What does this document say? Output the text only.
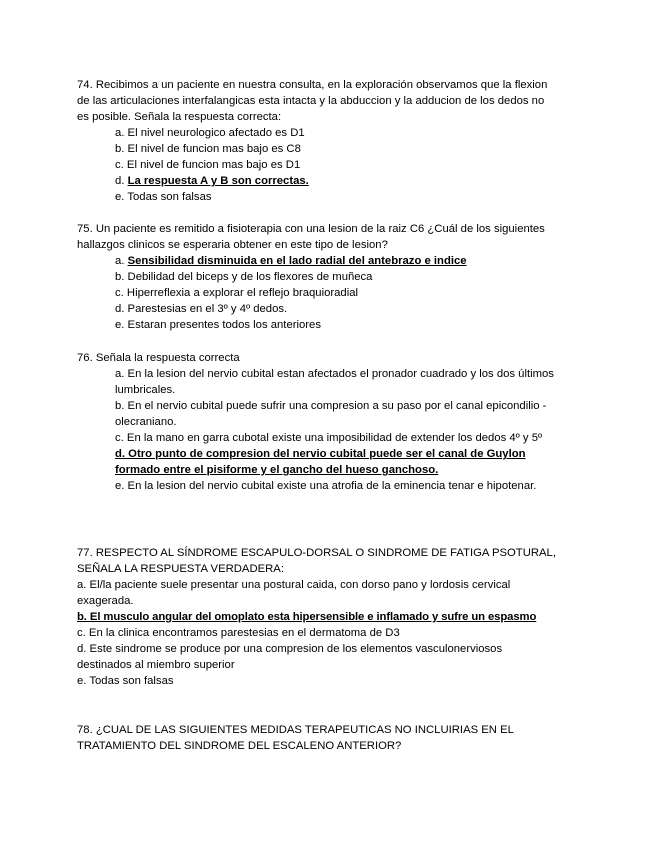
74. Recibimos a un paciente en nuestra consulta, en la exploración observamos que la flexion
de las articulaciones interfalangicas esta intacta y la abduccion y la adducion de los dedos no
es posible. Señala la respuesta correcta:
a. El nivel neurologico afectado es D1
b. El nivel de funcion mas bajo es C8
c. El nivel de funcion mas bajo es D1
d. La respuesta A y B son correctas.
e. Todas son falsas
75. Un paciente es remitido a fisioterapia con una lesion de la raiz C6 ¿Cuál de los siguientes
hallazgos clinicos se esperaria obtener en este tipo de lesion?
a. Sensibilidad disminuida en el lado radial del antebrazo e indice
b. Debilidad del biceps y de los flexores de muñeca
c. Hiperreflexia a explorar el reflejo braquioradial
d. Parestesias en el 3º y 4º dedos.
e. Estaran presentes todos los anteriores
76. Señala la respuesta correcta
a. En la lesion del nervio cubital estan afectados el pronador cuadrado y los dos últimos
lumbricales.
b. En el nervio cubital puede sufrir una compresion a su paso por el canal epicondilio -
olecraniano.
c. En la mano en garra cubotal existe una imposibilidad de extender los dedos 4º y 5º
d. Otro punto de compresion del nervio cubital puede ser el canal de Guylon
formado entre el pisiforme y el gancho del hueso ganchoso.
e. En la lesion del nervio cubital existe una atrofia de la eminencia tenar e hipotenar.
77. RESPECTO AL SÍNDROME ESCAPULO-DORSAL O SINDROME DE FATIGA PSOTURAL,
SEÑALA LA RESPUESTA VERDADERA:
a. El/la paciente suele presentar una postural caida, con dorso pano y lordosis cervical
exagerada.
b. El musculo angular del omoplato esta hipersensible e inflamado y sufre un espasmo
c. En la clinica encontramos parestesias en el dermatoma de D3
d. Este sindrome se produce por una compresion de los elementos vasculonerviosos
destinados al miembro superior
e. Todas son falsas
78. ¿CUAL DE LAS SIGUIENTES MEDIDAS TERAPEUTICAS NO INCLUIRIAS EN EL
TRATAMIENTO DEL SINDROME DEL ESCALENO ANTERIOR?
